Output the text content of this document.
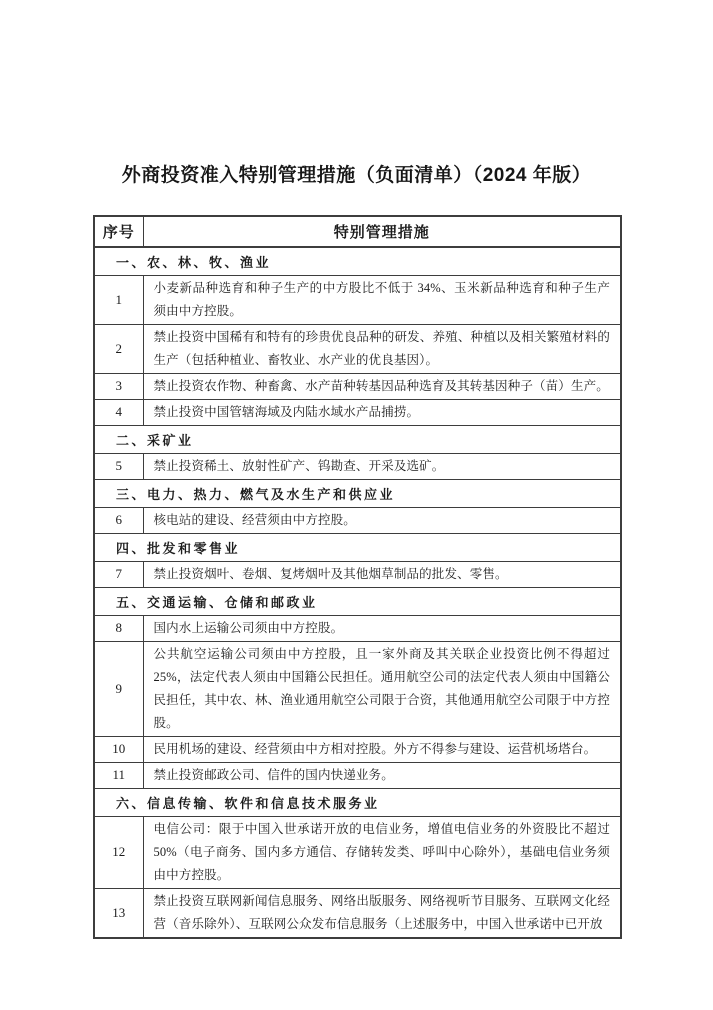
外商投资准入特别管理措施（负面清单）（2024 年版）
序号	特别管理措施
一、农、林、牧、渔业	
1	小麦新品种选育和种子生产的中方股比不低于 34%、玉米新品种选育和种子生产须由中方控股。
2	禁止投资中国稀有和特有的珍贵优良品种的研发、养殖、种植以及相关繁殖材料的生产（包括种植业、畜牧业、水产业的优良基因）。
3	禁止投资农作物、种畜禽、水产苗种转基因品种选育及其转基因种子（苗）生产。
4	禁止投资中国管辖海域及内陆水域水产品捕捞。
二、采矿业	
5	禁止投资稀土、放射性矿产、钨勘查、开采及选矿。
三、电力、热力、燃气及水生产和供应业	
6	核电站的建设、经营须由中方控股。
四、批发和零售业	
7	禁止投资烟叶、卷烟、复烤烟叶及其他烟草制品的批发、零售。
五、交通运输、仓储和邮政业	
8	国内水上运输公司须由中方控股。
9	公共航空运输公司须由中方控股，且一家外商及其关联企业投资比例不得超过 25%，法定代表人须由中国籍公民担任。通用航空公司的法定代表人须由中国籍公民担任，其中农、林、渔业通用航空公司限于合资，其他通用航空公司限于中方控股。
10	民用机场的建设、经营须由中方相对控股。外方不得参与建设、运营机场塔台。
11	禁止投资邮政公司、信件的国内快递业务。
六、信息传输、软件和信息技术服务业	
12	电信公司：限于中国入世承诺开放的电信业务，增值电信业务的外资股比不超过 50%（电子商务、国内多方通信、存储转发类、呼叫中心除外），基础电信业务须由中方控股。
13	禁止投资互联网新闻信息服务、网络出版服务、网络视听节目服务、互联网文化经营（音乐除外）、互联网公众发布信息服务（上述服务中，中国入世承诺中已开放
